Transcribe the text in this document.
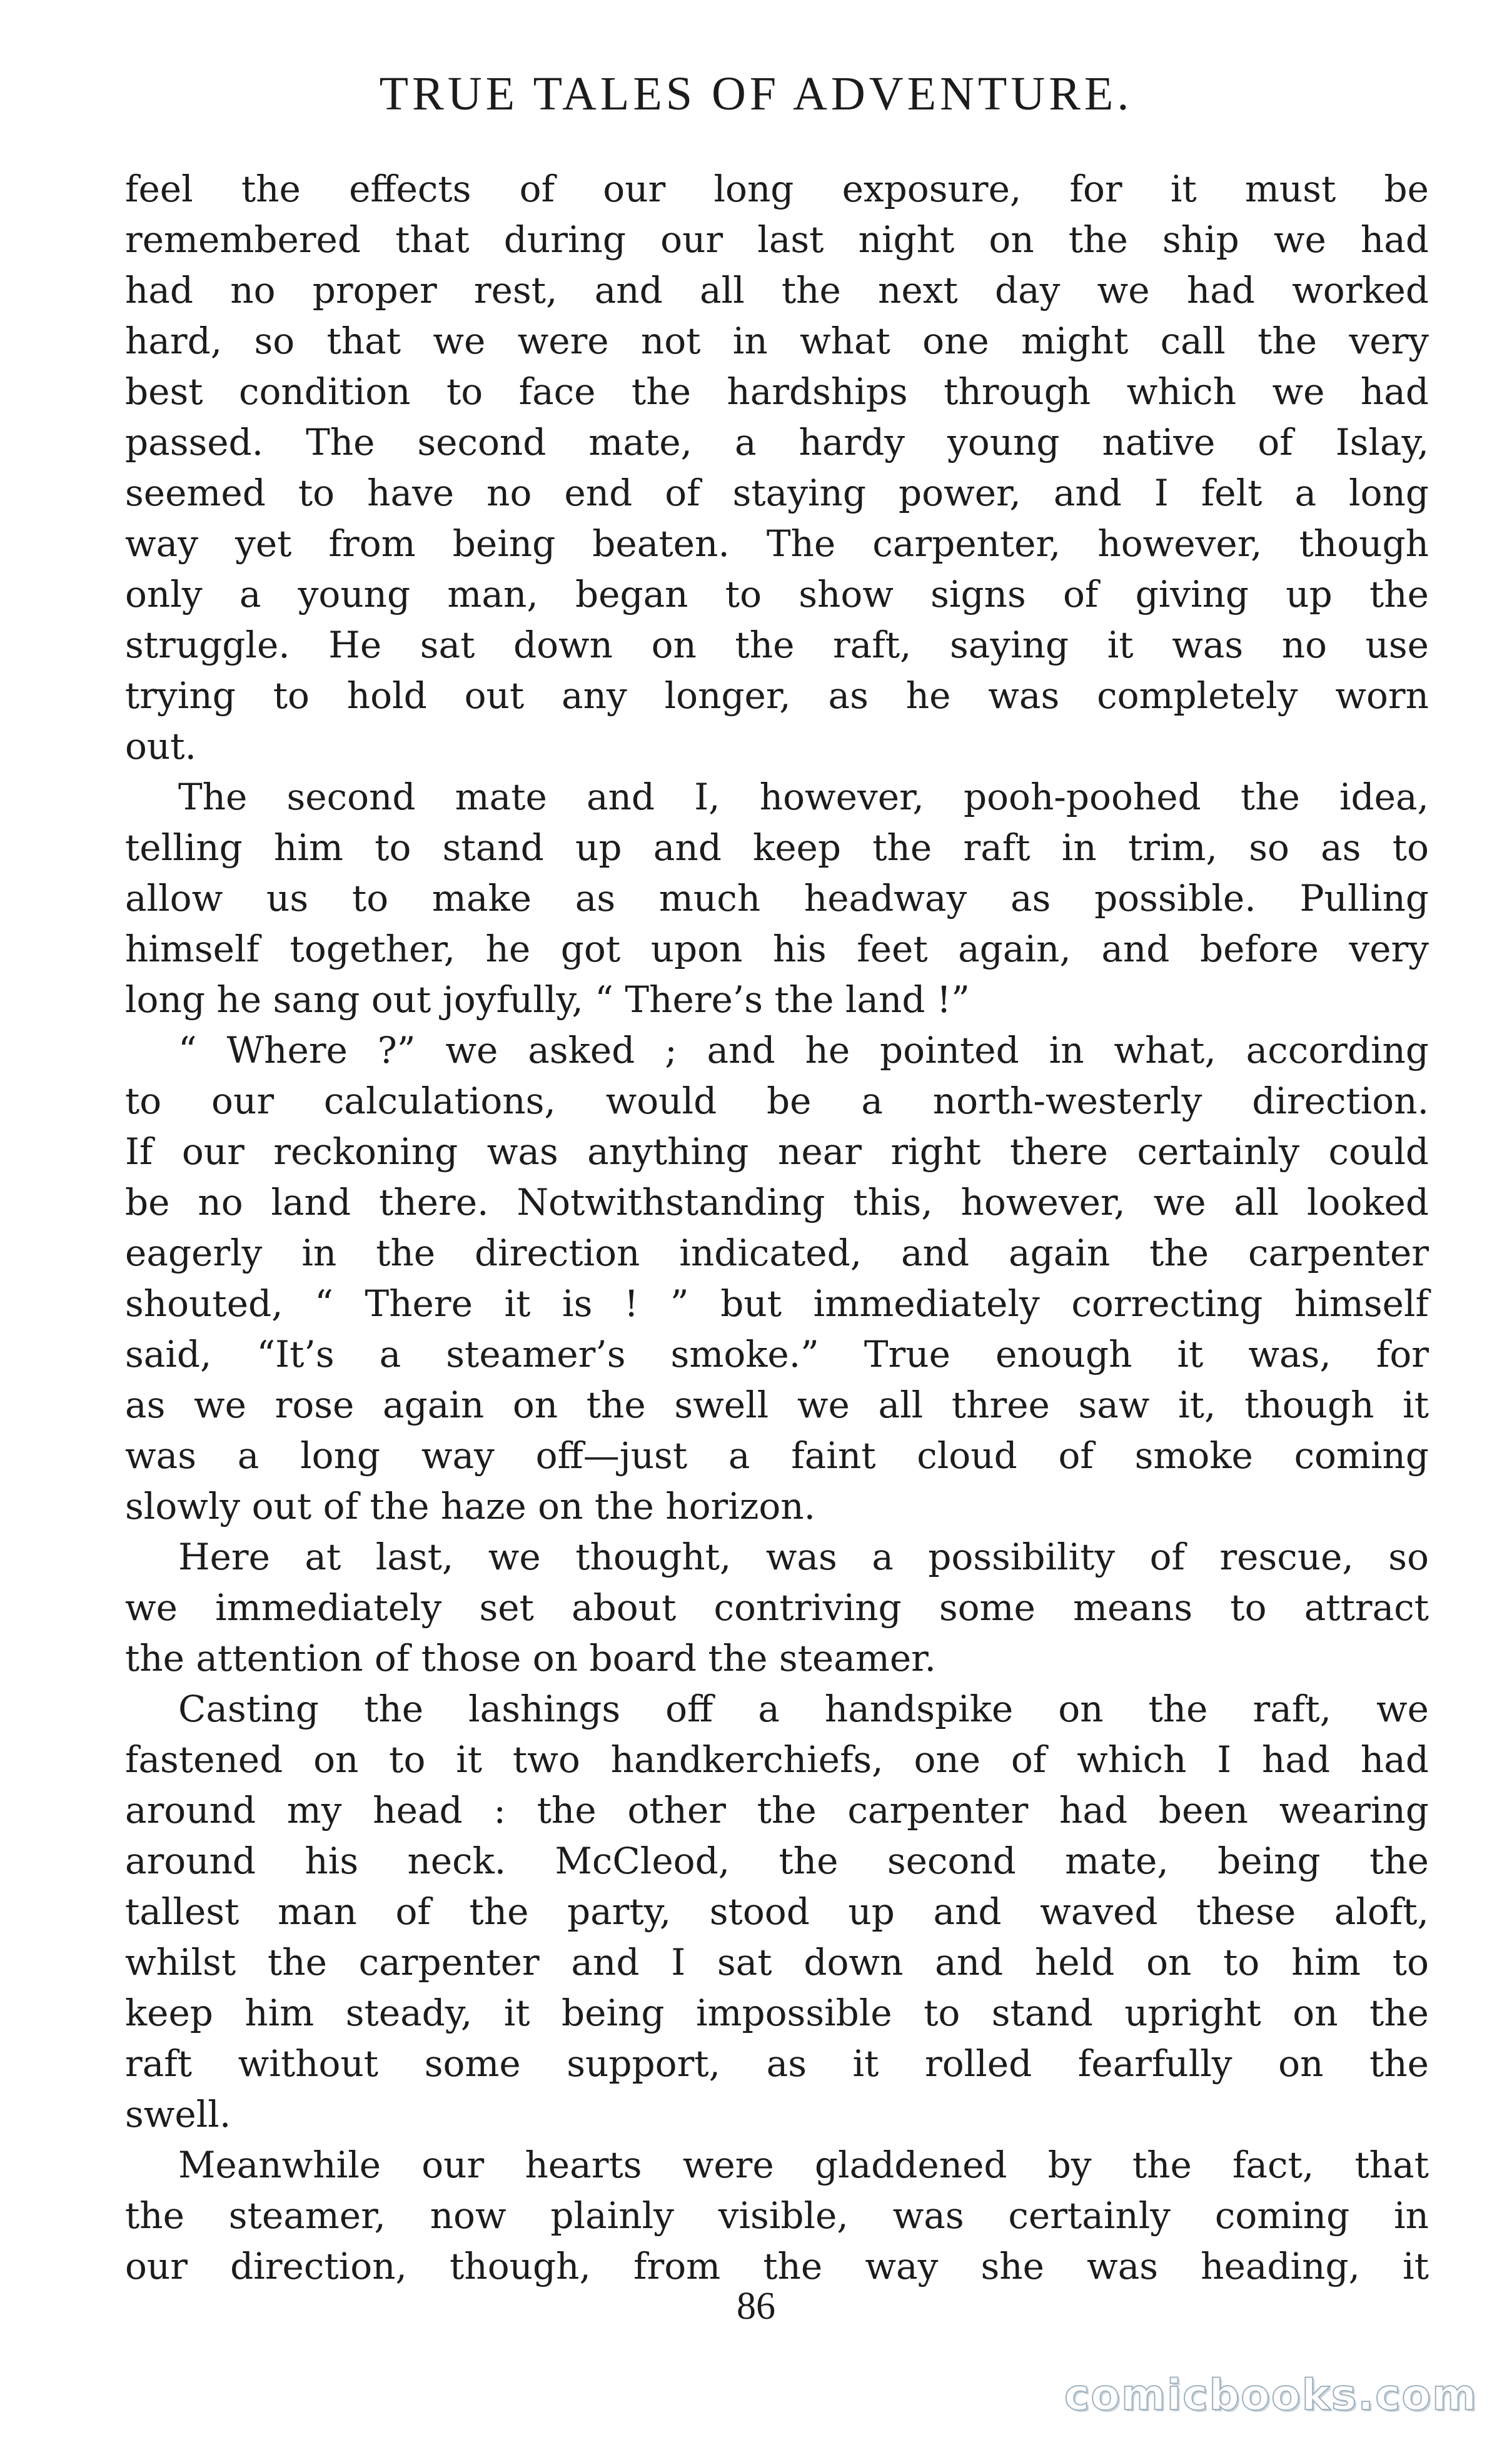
TRUE TALES OF ADVENTURE.
feel the effects of our long exposure, for it must be
remembered that during our last night on the ship we had
had no proper rest, and all the next day we had worked
hard, so that we were not in what one might call the very
best condition to face the hardships through which we had
passed. The second mate, a hardy young native of Islay,
seemed to have no end of staying power, and I felt a long
way yet from being beaten. The carpenter, however, though
only a young man, began to show signs of giving up the
struggle. He sat down on the raft, saying it was no use
trying to hold out any longer, as he was completely worn
out.
The second mate and I, however, pooh-poohed the idea,
telling him to stand up and keep the raft in trim, so as to
allow us to make as much headway as possible. Pulling
himself together, he got upon his feet again, and before very
long he sang out joyfully, “ There’s the land !”
“ Where ?” we asked ; and he pointed in what, according
to our calculations, would be a north-westerly direction.
If our reckoning was anything near right there certainly could
be no land there. Notwithstanding this, however, we all looked
eagerly in the direction indicated, and again the carpenter
shouted, “ There it is ! ” but immediately correcting himself
said, “It’s a steamer’s smoke.” True enough it was, for
as we rose again on the swell we all three saw it, though it
was a long way off—just a faint cloud of smoke coming
slowly out of the haze on the horizon.
Here at last, we thought, was a possibility of rescue, so
we immediately set about contriving some means to attract
the attention of those on board the steamer.
Casting the lashings off a handspike on the raft, we
fastened on to it two handkerchiefs, one of which I had had
around my head : the other the carpenter had been wearing
around his neck. McCleod, the second mate, being the
tallest man of the party, stood up and waved these aloft,
whilst the carpenter and I sat down and held on to him to
keep him steady, it being impossible to stand upright on the
raft without some support, as it rolled fearfully on the
swell.
Meanwhile our hearts were gladdened by the fact, that
the steamer, now plainly visible, was certainly coming in
our direction, though, from the way she was heading, it
86
comicbooks.com
